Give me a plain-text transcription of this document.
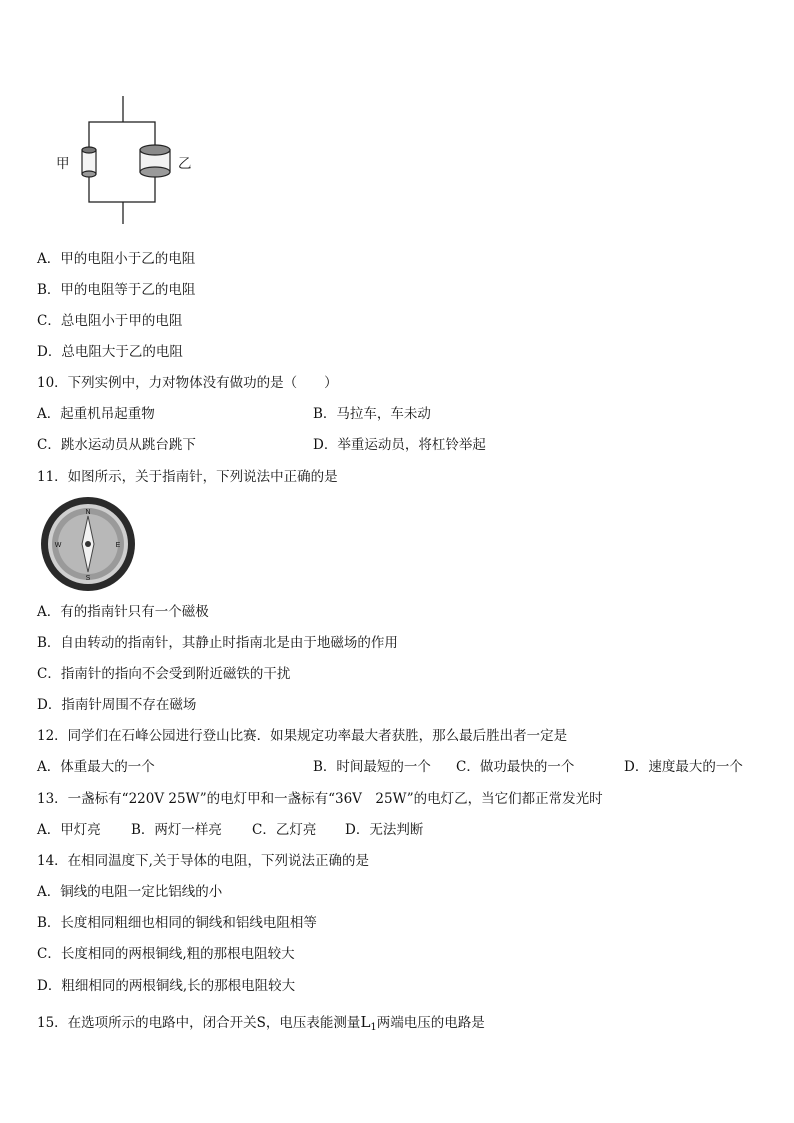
甲	乙
A．甲的电阻小于乙的电阻
B．甲的电阻等于乙的电阻
C．总电阻小于甲的电阻
D．总电阻大于乙的电阻
10．下列实例中，力对物体没有做功的是（　　）
A．起重机吊起重物	B．马拉车，车未动
C．跳水运动员从跳台跳下	D．举重运动员，将杠铃举起
11．如图所示，关于指南针，下列说法中正确的是
N
S
E
W
A．有的指南针只有一个磁极
B．自由转动的指南针，其静止时指南北是由于地磁场的作用
C．指南针的指向不会受到附近磁铁的干扰
D．指南针周围不存在磁场
12．同学们在石峰公园进行登山比赛．如果规定功率最大者获胜，那么最后胜出者一定是
A．体重最大的一个	B．时间最短的一个 C．做功最快的一个	D．速度最大的一个
13．一盏标有“220V 25W”的电灯甲和一盏标有“36V　25W”的电灯乙，当它们都正常发光时
A．甲灯亮 B．两灯一样亮 C．乙灯亮 D．无法判断
14．在相同温度下,关于导体的电阻，下列说法正确的是
A．铜线的电阻一定比铝线的小
B．长度相同粗细也相同的铜线和铝线电阻相等
C．长度相同的两根铜线,粗的那根电阻较大
D．粗细相同的两根铜线,长的那根电阻较大
15．在选项所示的电路中，闭合开关S，电压表能测量$L_1$两端电压的电路是
